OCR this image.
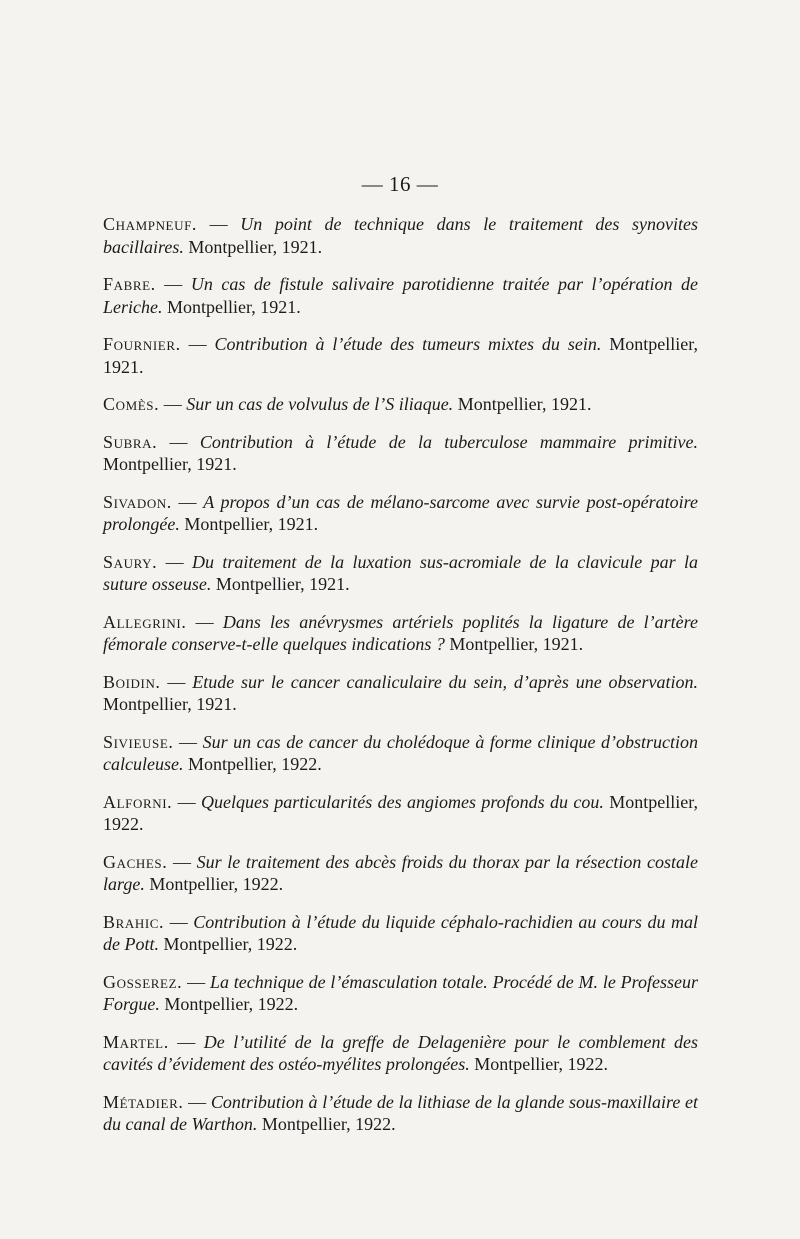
— 16 —

Champneuf. — Un point de technique dans le traitement des synovites bacillaires. Montpellier, 1921.

Fabre. — Un cas de fistule salivaire parotidienne traitée par l’opération de Leriche. Montpellier, 1921.

Fournier. — Contribution à l’étude des tumeurs mixtes du sein. Montpellier, 1921.

Comès. — Sur un cas de volvulus de l’S iliaque. Montpellier, 1921.

Subra. — Contribution à l’étude de la tuberculose mammaire primitive. Montpellier, 1921.

Sivadon. — A propos d’un cas de mélano-sarcome avec survie post-opératoire prolongée. Montpellier, 1921.

Saury. — Du traitement de la luxation sus-acromiale de la clavicule par la suture osseuse. Montpellier, 1921.

Allegrini. — Dans les anévrysmes artériels poplités la ligature de l’artère fémorale conserve-t-elle quelques indications ? Montpellier, 1921.

Boidin. — Etude sur le cancer canaliculaire du sein, d’après une observation. Montpellier, 1921.

Sivieuse. — Sur un cas de cancer du cholédoque à forme clinique d’obstruction calculeuse. Montpellier, 1922.

Alforni. — Quelques particularités des angiomes profonds du cou. Montpellier, 1922.

Gaches. — Sur le traitement des abcès froids du thorax par la résection costale large. Montpellier, 1922.

Brahic. — Contribution à l’étude du liquide céphalo-rachidien au cours du mal de Pott. Montpellier, 1922.

Gosserez. — La technique de l’émasculation totale. Procédé de M. le Professeur Forgue. Montpellier, 1922.

Martel. — De l’utilité de la greffe de Delagenière pour le comblement des cavités d’évidement des ostéo-myélites prolongées. Montpellier, 1922.

Métadier. — Contribution à l’étude de la lithiase de la glande sous-maxillaire et du canal de Warthon. Montpellier, 1922.
